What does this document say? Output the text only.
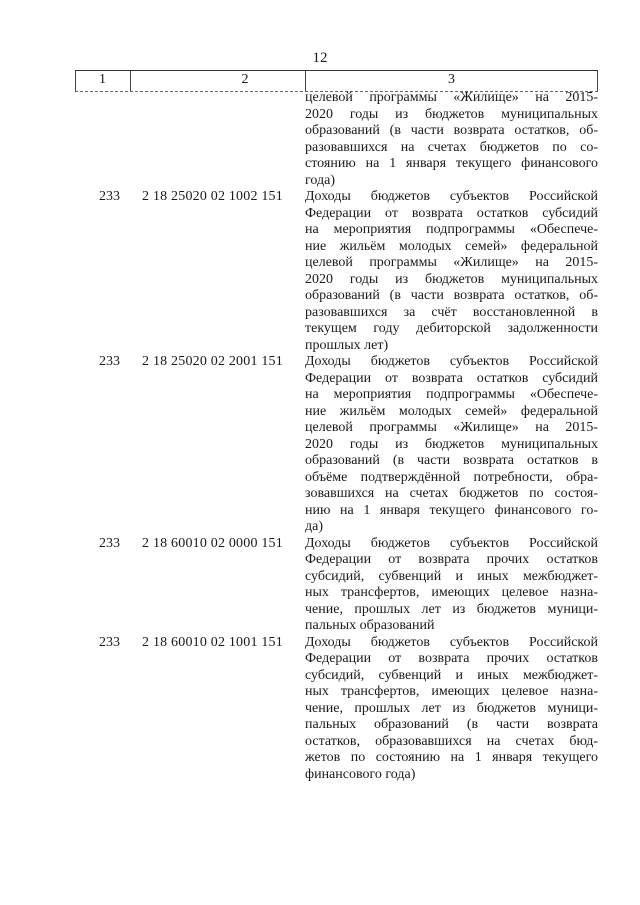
12
1	2	3
целевой программы «Жилище» на 2015-
2020 годы из бюджетов муниципальных
образований (в части возврата остатков, об-
разовавшихся на счетах бюджетов по со-
стоянию на 1 января текущего финансового
года)
233	2 18 25020 02 1002 151	Доходы бюджетов субъектов Российской
Федерации от возврата остатков субсидий
на мероприятия подпрограммы «Обеспече-
ние жильём молодых семей» федеральной
целевой программы «Жилище» на 2015-
2020 годы из бюджетов муниципальных
образований (в части возврата остатков, об-
разовавшихся за счёт восстановленной в
текущем году дебиторской задолженности
прошлых лет)
233	2 18 25020 02 2001 151	Доходы бюджетов субъектов Российской
Федерации от возврата остатков субсидий
на мероприятия подпрограммы «Обеспече-
ние жильём молодых семей» федеральной
целевой программы «Жилище» на 2015-
2020 годы из бюджетов муниципальных
образований (в части возврата остатков в
объёме подтверждённой потребности, обра-
зовавшихся на счетах бюджетов по состоя-
нию на 1 января текущего финансового го-
да)
233	2 18 60010 02 0000 151	Доходы бюджетов субъектов Российской
Федерации от возврата прочих остатков
субсидий, субвенций и иных межбюджет-
ных трансфертов, имеющих целевое назна-
чение, прошлых лет из бюджетов муници-
пальных образований
233	2 18 60010 02 1001 151	Доходы бюджетов субъектов Российской
Федерации от возврата прочих остатков
субсидий, субвенций и иных межбюджет-
ных трансфертов, имеющих целевое назна-
чение, прошлых лет из бюджетов муници-
пальных образований (в части возврата
остатков, образовавшихся на счетах бюд-
жетов по состоянию на 1 января текущего
финансового года)
